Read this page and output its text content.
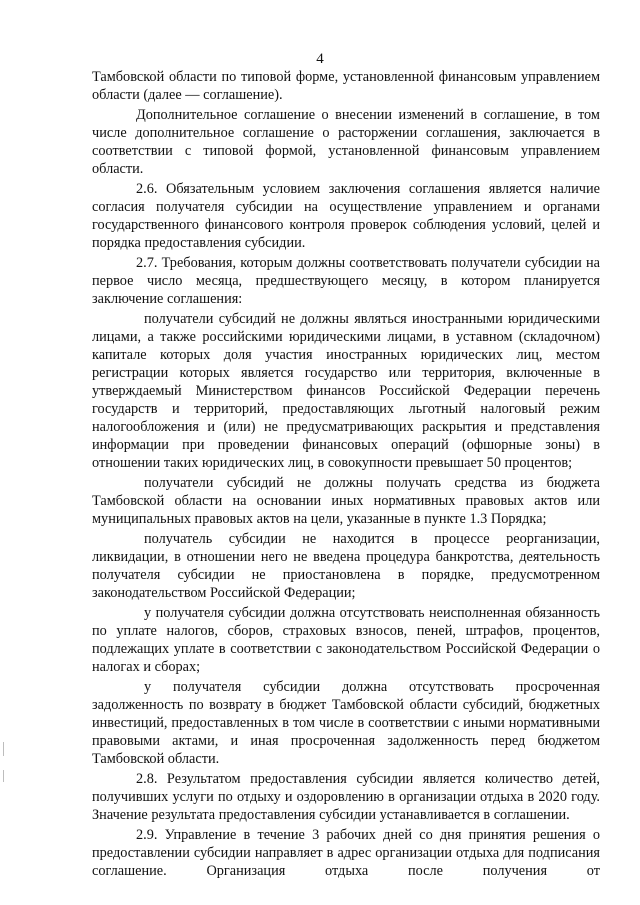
4

Тамбовской области по типовой форме, установленной финансовым управлением области (далее — соглашение).

Дополнительное соглашение о внесении изменений в соглашение, в том числе дополнительное соглашение о расторжении соглашения, заключается в соответствии с типовой формой, установленной финансовым управлением области.

2.6. Обязательным условием заключения соглашения является наличие согласия получателя субсидии на осуществление управлением и органами государственного финансового контроля проверок соблюдения условий, целей и порядка предоставления субсидии.

2.7. Требования, которым должны соответствовать получатели субсидии на первое число месяца, предшествующего месяцу, в котором планируется заключение соглашения:

получатели субсидий не должны являться иностранными юридическими лицами, а также российскими юридическими лицами, в уставном (складочном) капитале которых доля участия иностранных юридических лиц, местом регистрации которых является государство или территория, включенные в утверждаемый Министерством финансов Российской Федерации перечень государств и территорий, предоставляющих льготный налоговый режим налогообложения и (или) не предусматривающих раскрытия и представления информации при проведении финансовых операций (офшорные зоны) в отношении таких юридических лиц, в совокупности превышает 50 процентов;

получатели субсидий не должны получать средства из бюджета Тамбовской области на основании иных нормативных правовых актов или муниципальных правовых актов на цели, указанные в пункте 1.3 Порядка;

получатель субсидии не находится в процессе реорганизации, ликвидации, в отношении него не введена процедура банкротства, деятельность получателя субсидии не приостановлена в порядке, предусмотренном законодательством Российской Федерации;

у получателя субсидии должна отсутствовать неисполненная обязанность по уплате налогов, сборов, страховых взносов, пеней, штрафов, процентов, подлежащих уплате в соответствии с законодательством Российской Федерации о налогах и сборах;

у получателя субсидии должна отсутствовать просроченная задолженность по возврату в бюджет Тамбовской области субсидий, бюджетных инвестиций, предоставленных в том числе в соответствии с иными нормативными правовыми актами, и иная просроченная задолженность перед бюджетом Тамбовской области.

2.8. Результатом предоставления субсидии является количество детей, получивших услуги по отдыху и оздоровлению в организации отдыха в 2020 году. Значение результата предоставления субсидии устанавливается в соглашении.

2.9. Управление в течение 3 рабочих дней со дня принятия решения о предоставлении субсидии направляет в адрес организации отдыха для подписания соглашение. Организация отдыха после получения от
